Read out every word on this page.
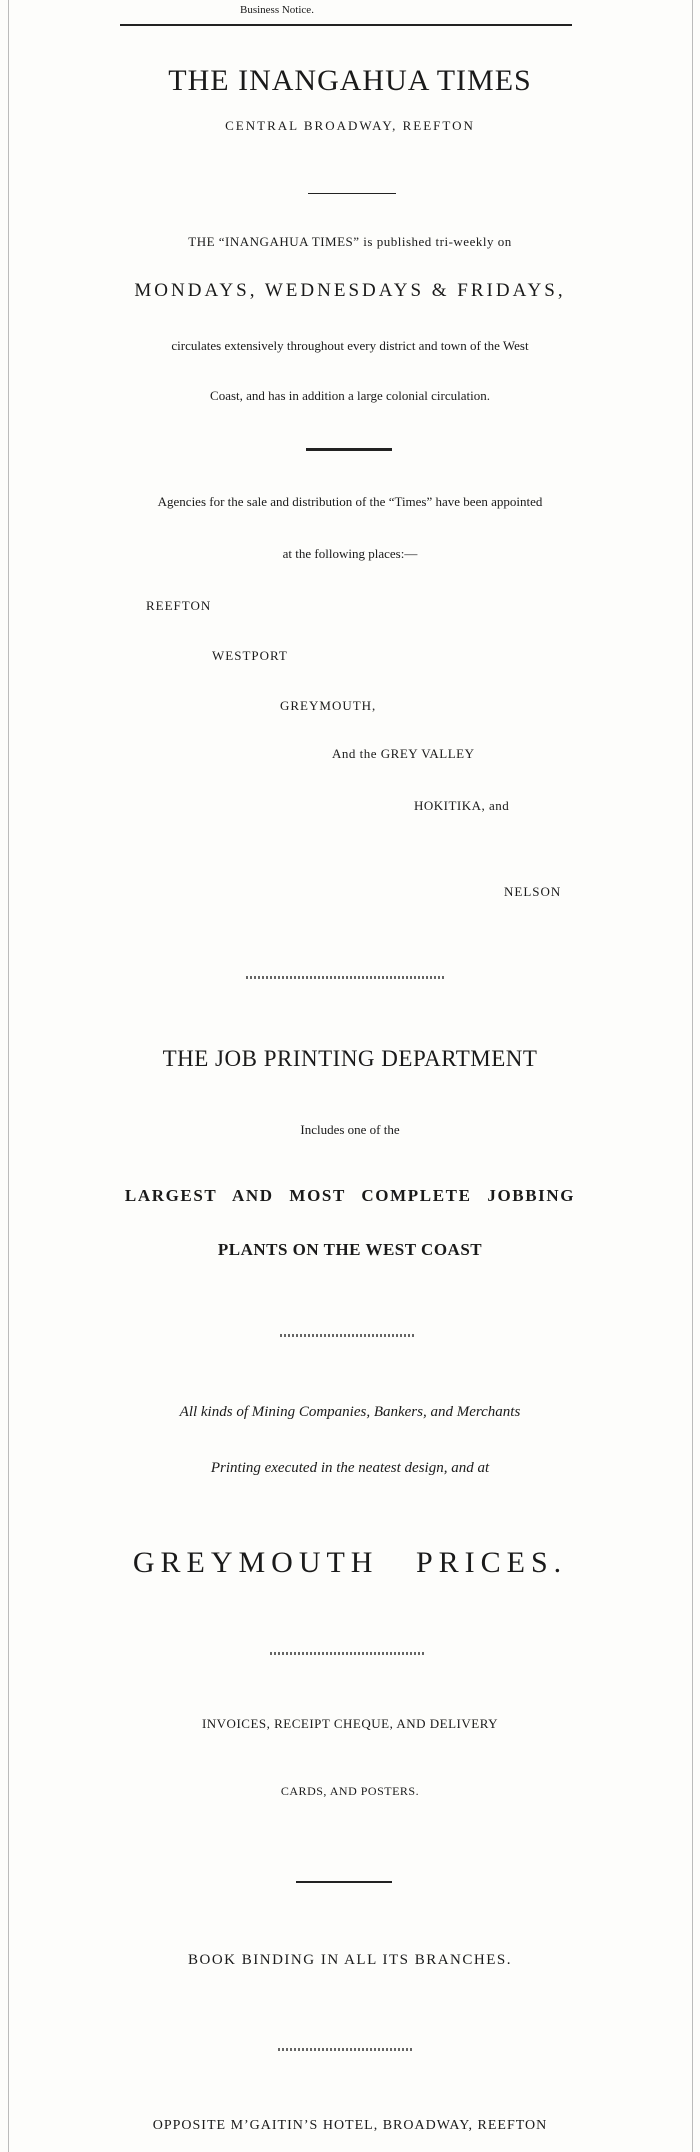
Business Notice.
THE INANGAHUA TIMES
CENTRAL BROADWAY, REEFTON
THE “INANGAHUA TIMES” is published tri-weekly on
MONDAYS, WEDNESDAYS & FRIDAYS,
circulates extensively throughout every district and town of the West
Coast, and has in addition a large colonial circulation.
Agencies for the sale and distribution of the “Times” have been appointed
at the following places:—
REEFTON
WESTPORT
GREYMOUTH,
And the GREY VALLEY
HOKITIKA, and
NELSON
THE JOB PRINTING DEPARTMENT
Includes one of the
LARGEST AND MOST COMPLETE JOBBING
PLANTS ON THE WEST COAST
All kinds of Mining Companies, Bankers, and Merchants
Printing executed in the neatest design, and at
GREYMOUTH PRICES.
INVOICES, RECEIPT CHEQUE, AND DELIVERY
CARDS, AND POSTERS.
BOOK BINDING IN ALL ITS BRANCHES.
OPPOSITE M’GAITIN’S HOTEL, BROADWAY, REEFTON
